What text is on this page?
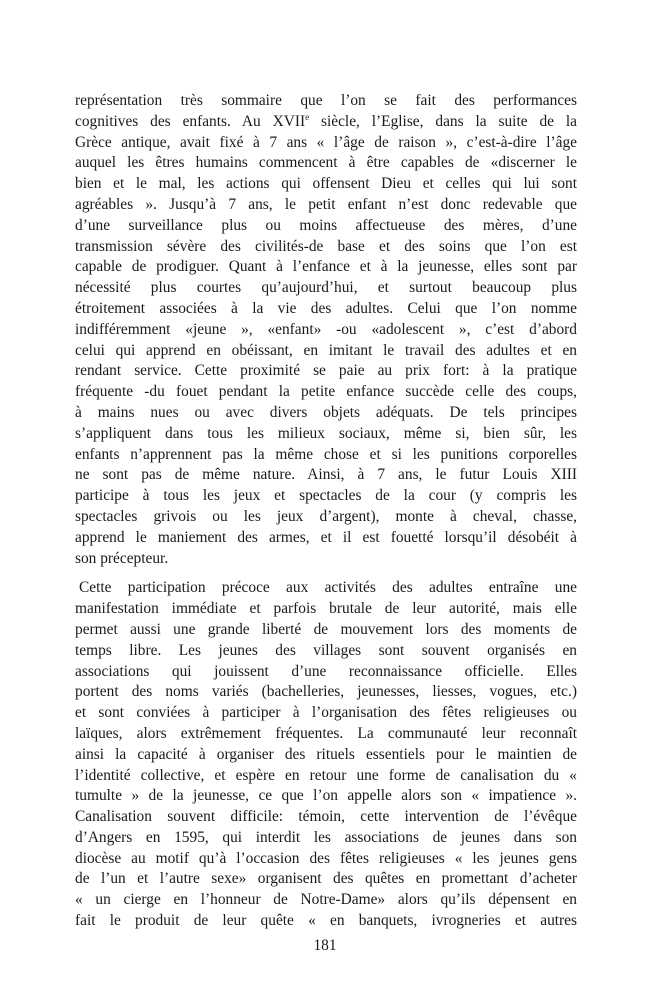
représentation très sommaire que l’on se fait des performances
cognitives des enfants. Au XVIIe siècle, l’Eglise, dans la suite de la
Grèce antique, avait fixé à 7 ans « l’âge de raison », c’est-à-dire l’âge
auquel les êtres humains commencent à être capables de «discerner le
bien et le mal, les actions qui offensent Dieu et celles qui lui sont
agréables ». Jusqu’à 7 ans, le petit enfant n’est donc redevable que
d’une surveillance plus ou moins affectueuse des mères, d’une
transmission sévère des civilités-de base et des soins que l’on est
capable de prodiguer. Quant à l’enfance et à la jeunesse, elles sont par
nécessité plus courtes qu’aujourd’hui, et surtout beaucoup plus
étroitement associées à la vie des adultes. Celui que l’on nomme
indifféremment «jeune », «enfant» -ou «adolescent », c’est d’abord
celui qui apprend en obéissant, en imitant le travail des adultes et en
rendant service. Cette proximité se paie au prix fort: à la pratique
fréquente -du fouet pendant la petite enfance succède celle des coups,
à mains nues ou avec divers objets adéquats. De tels principes
s’appliquent dans tous les milieux sociaux, même si, bien sûr, les
enfants n’apprennent pas la même chose et si les punitions corporelles
ne sont pas de même nature. Ainsi, à 7 ans, le futur Louis XIII
participe à tous les jeux et spectacles de la cour (y compris les
spectacles grivois ou les jeux d’argent), monte à cheval, chasse,
apprend le maniement des armes, et il est fouetté lorsqu’il désobéit à
son précepteur.
Cette participation précoce aux activités des adultes entraîne une
manifestation immédiate et parfois brutale de leur autorité, mais elle
permet aussi une grande liberté de mouvement lors des moments de
temps libre. Les jeunes des villages sont souvent organisés en
associations qui jouissent d’une reconnaissance officielle. Elles
portent des noms variés (bachelleries, jeunesses, liesses, vogues, etc.)
et sont conviées à participer à l’organisation des fêtes religieuses ou
laïques, alors extrêmement fréquentes. La communauté leur reconnaît
ainsi la capacité à organiser des rituels essentiels pour le maintien de
l’identité collective, et espère en retour une forme de canalisation du «
tumulte » de la jeunesse, ce que l’on appelle alors son « impatience ».
Canalisation souvent difficile: témoin, cette intervention de l’évêque
d’Angers en 1595, qui interdit les associations de jeunes dans son
diocèse au motif qu’à l’occasion des fêtes religieuses « les jeunes gens
de l’un et l’autre sexe» organisent des quêtes en promettant d’acheter
« un cierge en l’honneur de Notre-Dame» alors qu’ils dépensent en
fait le produit de leur quête « en banquets, ivrogneries et autres
181
